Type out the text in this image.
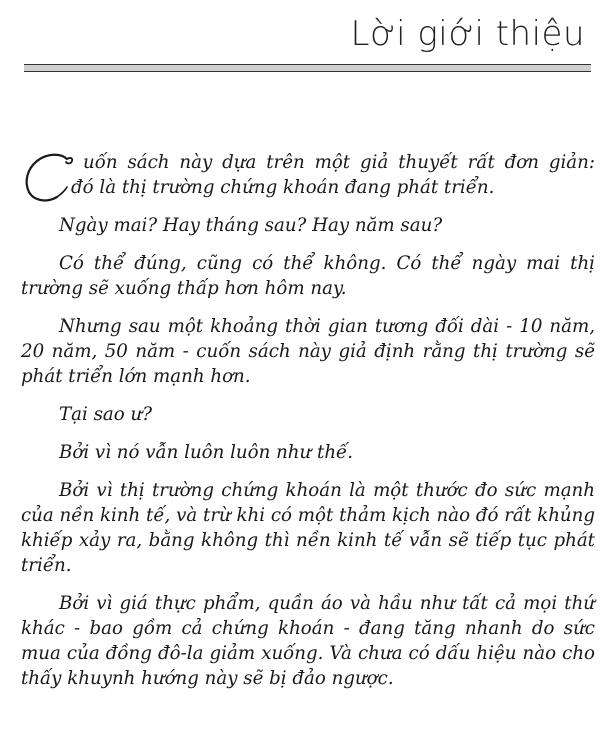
Lời giới thiệu
uốn sách này dựa trên một giả thuyết rất đơn giản:
đó là thị trường chứng khoán đang phát triển.

Ngày mai? Hay tháng sau? Hay năm sau?

Có thể đúng, cũng có thể không. Có thể ngày mai thị trường sẽ xuống thấp hơn hôm nay.

Nhưng sau một khoảng thời gian tương đối dài - 10 năm, 20 năm, 50 năm - cuốn sách này giả định rằng thị trường sẽ phát triển lớn mạnh hơn.

Tại sao ư?

Bởi vì nó vẫn luôn luôn như thế.

Bởi vì thị trường chứng khoán là một thước đo sức mạnh của nền kinh tế, và trừ khi có một thảm kịch nào đó rất khủng khiếp xảy ra, bằng không thì nền kinh tế vẫn sẽ tiếp tục phát triển.

Bởi vì giá thực phẩm, quần áo và hầu như tất cả mọi thứ khác - bao gồm cả chứng khoán - đang tăng nhanh do sức mua của đồng đô-la giảm xuống. Và chưa có dấu hiệu nào cho thấy khuynh hướng này sẽ bị đảo ngược.
